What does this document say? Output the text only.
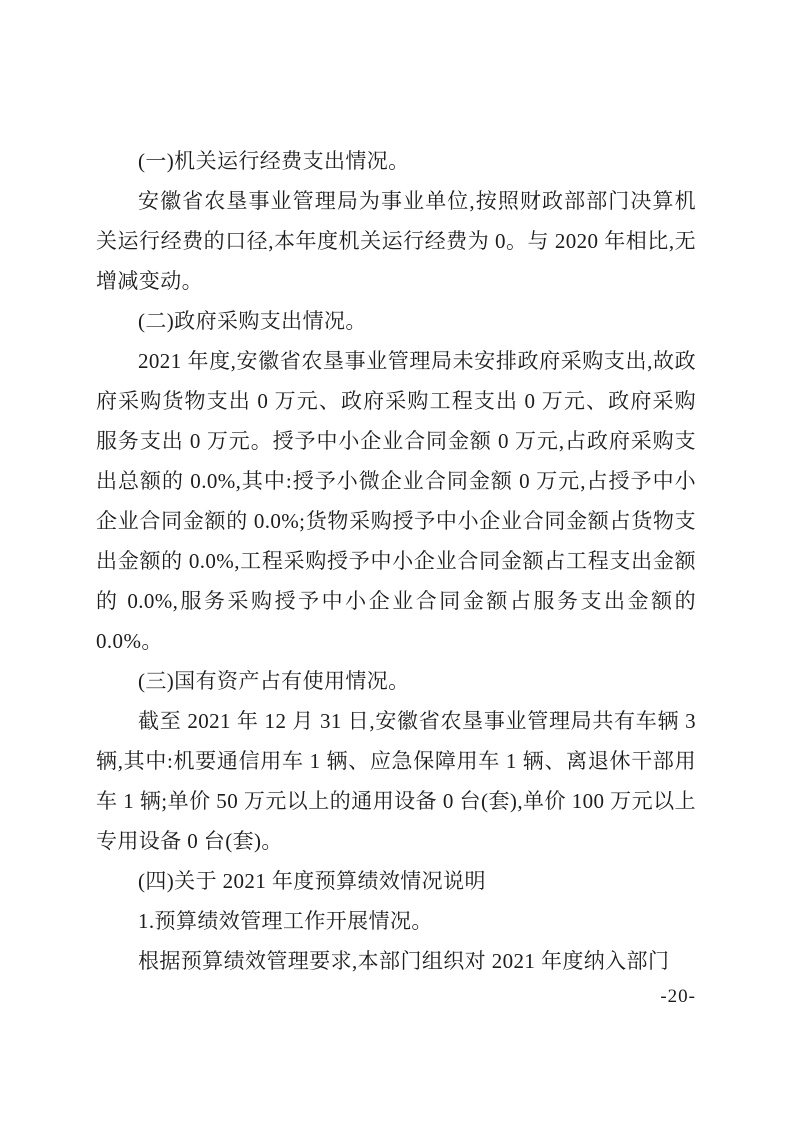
(一)机关运行经费支出情况。

安徽省农垦事业管理局为事业单位,按照财政部部门决算机关运行经费的口径,本年度机关运行经费为 0。与 2020 年相比,无增减变动。

(二)政府采购支出情况。

2021 年度,安徽省农垦事业管理局未安排政府采购支出,故政府采购货物支出 0 万元、政府采购工程支出 0 万元、政府采购服务支出 0 万元。授予中小企业合同金额 0 万元,占政府采购支出总额的 0.0%,其中:授予小微企业合同金额 0 万元,占授予中小企业合同金额的 0.0%;货物采购授予中小企业合同金额占货物支出金额的 0.0%,工程采购授予中小企业合同金额占工程支出金额的 0.0%,服务采购授予中小企业合同金额占服务支出金额的 0.0%。

(三)国有资产占有使用情况。

截至 2021 年 12 月 31 日,安徽省农垦事业管理局共有车辆 3 辆,其中:机要通信用车 1 辆、应急保障用车 1 辆、离退休干部用车 1 辆;单价 50 万元以上的通用设备 0 台(套),单价 100 万元以上专用设备 0 台(套)。

(四)关于 2021 年度预算绩效情况说明
1.预算绩效管理工作开展情况。

根据预算绩效管理要求,本部门组织对 2021 年度纳入部门

-20-
